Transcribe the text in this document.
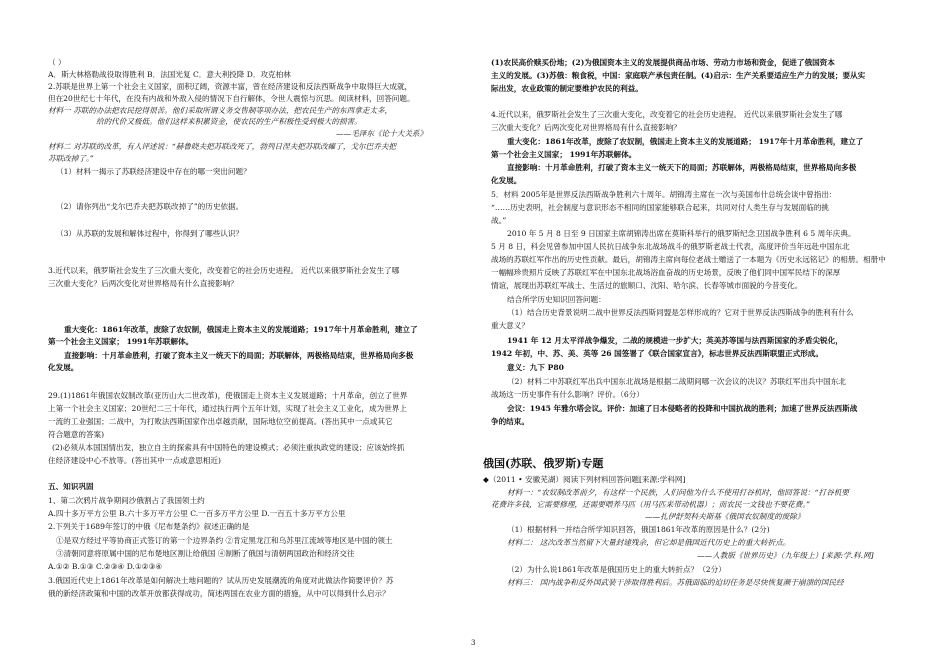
（ ）
A．斯大林格勒战役取得胜利 B．法国光复 C．意大利投降 D．攻克柏林
2.苏联是世界上第一个社会主义国家，面积辽阔，资源丰富，曾在经济建设和反法西斯战争中取得巨大成就，
但在20世纪七十年代，在没有内战和外敌入侵的情况下自行解体，令世人震惊与沉思。阅读材料，回答问题。
材料一 苏联的办法把农民挖得很苦。他们采取所谓义务交售制等项办法，把农民生产的东西拿走太多，
给的代价又极低。他们这样来积累资金，使农民的生产积极性受到极大的损害。
——毛泽东《论十大关系》
材料二 对苏联的改革，有人评述说：“赫鲁晓夫把苏联改死了，勃列日涅夫把苏联改瘫了，戈尔巴乔夫把
苏联改掉了。”
（1）材料一揭示了苏联经济建设中存在的哪一突出问题？
（2）请你列出“戈尔巴乔夫把苏联改掉了”的历史依据。
（3）从苏联的发展和解体过程中，你得到了哪些认识？
3.近代以来，俄罗斯社会发生了三次重大变化，改变着它的社会历史进程。 近代以来俄罗斯社会发生了哪
三次重大变化？后两次变化对世界格局有什么直接影响？
重大变化：1861年改革，废除了农奴制，俄国走上资本主义的发展道路；1917年十月革命胜利，建立了
第一个社会主义国家； 1991年苏联解体。
直接影响：十月革命胜利，打破了资本主义一统天下的局面；苏联解体，两极格局结束，世界格局向多极
化发展。
29.(1)1861年俄国农奴制改革(亚历山大二世改革)，使俄国走上资本主义发展道路；十月革命，创立了世界
上第一个社会主义国家；20世纪二三十年代，通过执行两个五年计划，实现了社会主义工业化，成为世界上
一流的工业强国；二战中，为打败法西斯国家作出卓越贡献，国际地位空前提高。(答出其中一点或其它
符合题意的答案)
(2)必须从本国国情出发，独立自主的探索具有中国特色的建设模式；必须注重执政党的建设；应该始终抓
住经济建设中心不放等。(答出其中一点或意思相近)
五、知识巩固
1、第二次鸦片战争期间沙俄割占了我国领土约
A.四十多万平方公里 B.六十多万平方公里 C.一百多万平方公里 D.一百五十多万平方公里
2.下列关于1689年签订的中俄《尼布楚条约》叙述正确的是
①是双方经过平等协商正式签订的第一个边界条约 ②肯定黑龙江和乌苏里江流域等地区是中国的领土
③清朝同意将原属中国的尼布楚地区割让给俄国 ④制断了俄国与清朝两国政治和经济交往
A.①② B.①③ C.②③④ D.①②③④
3.俄国近代史上1861年改革是如何解决土地问题的？试从历史发展潮流的角度对此做法作简要评价？苏
俄的新经济政策和中国的改革开放都获得成功，简述两国在农业方面的措施，从中可以得到什么启示？
俄国(苏联、俄罗斯)专题
(1)农民高价赎买份地；(2)为俄国资本主义的发展提供商品市场、劳动力市场和资金，促进了俄国资本
主义的发展。(3)苏俄：粮食税，中国：家庭联产承包责任制。(4)启示：生产关系要适应生产力的发展；要从实
际出发，农业政策的制定要维护农民的利益。
4.近代以来，俄罗斯社会发生了三次重大变化，改变着它的社会历史进程。 近代以来俄罗斯社会发生了哪
三次重大变化？后两次变化对世界格局有什么直接影响？
重大变化：1861年改革，废除了农奴制，俄国走上资本主义的发展道路； 1917年十月革命胜利，建立了
第一个社会主义国家； 1991年苏联解体。
直接影响：十月革命胜利，打破了资本主义一统天下的局面；苏联解体，两极格局结束，世界格局向多极
化发展。
5．材料 2005年是世界反法西斯战争胜利六十周年。胡锦涛主席在一次与美国布什总统会谈中曾指出：
“……历史表明，社会制度与意识形态不相同的国家能够联合起来，共同对付人类生存与发展面临的挑
战。”
2010 年 5 月 8 日至 9 日国家主席胡锦涛出席在莫斯科举行的俄罗斯纪念卫国战争胜利 6 5 周年庆典。
5 月 8 日，科会见曾参加中国人民抗日战争东北战场战斗的俄罗斯老战士代表，高度评价当年远赴中国东北
战场的苏联红军作出的历史性贡献。最后，胡锦涛主席向每位老战士赠送了一本题为《历史永远铭记》的相册。相册中
一幅幅珍贵照片反映了苏联红军在中国东北战场浴血奋战的历史场景，反映了他们同中国军民结下的深厚
情谊，展现出苏联红军战士、生活过的旅顺口、沈阳、哈尔滨、长春等城市面貌的今昔变化。
结合所学历史知识回答问题：
（1）结合历史背景说明二战中世界反法西斯同盟是怎样形成的？它对于世界反法西斯战争的胜利有什么
重大意义？
1941 年 12 月太平洋战争爆发，二战的规模进一步扩大；英美苏等国与法西斯国家的矛盾尖锐化，
1942 年初，中、苏、美、英等 26 国签署了《联合国家宣言》，标志世界反法西斯联盟正式形成。
意义：九下 P80
（2）材料二中苏联红军出兵中国东北战场是根据二战期间哪一次会议的决议？苏联红军出兵中国东北
战场这一历史事件有什么影响？评价。（6分）
会议：1945 年雅尔塔会议。评价：加速了日本侵略者的投降和中国抗战的胜利；加速了世界反法西斯战
争的结束。
◆（2011 • 安徽芜湖）阅读下列材料回答问题[来源:学科网]
材料一：“农奴制改革前夕，有这样一个民族，人们问他为什么不使用打谷机时，他回答说：“打谷机要
花费许多钱，它需要修理，还需要喂养马匹（用马匹来带动机器）；而农民一文钱也不要花费。”
——扎伊舒契科夫斯基《俄国农奴制度的废除》
（1）根据材料一并结合所学知识回答，俄国1861年改革的原因是什么？(2分)
材料二： 这次改革当然留下大量封建残余，但它却是俄国近代历史上的重大转折点。
——人教版《世界历史》（九年级上）[来源:学.科.网]
（2）为什么说1861年改革是俄国历史上的重大转折点？（2分）
材料三： 国内战争和反外国武装干涉取得胜利后。苏俄面临的迫切任务是尽快恢复濒于崩溃的国民经
3
